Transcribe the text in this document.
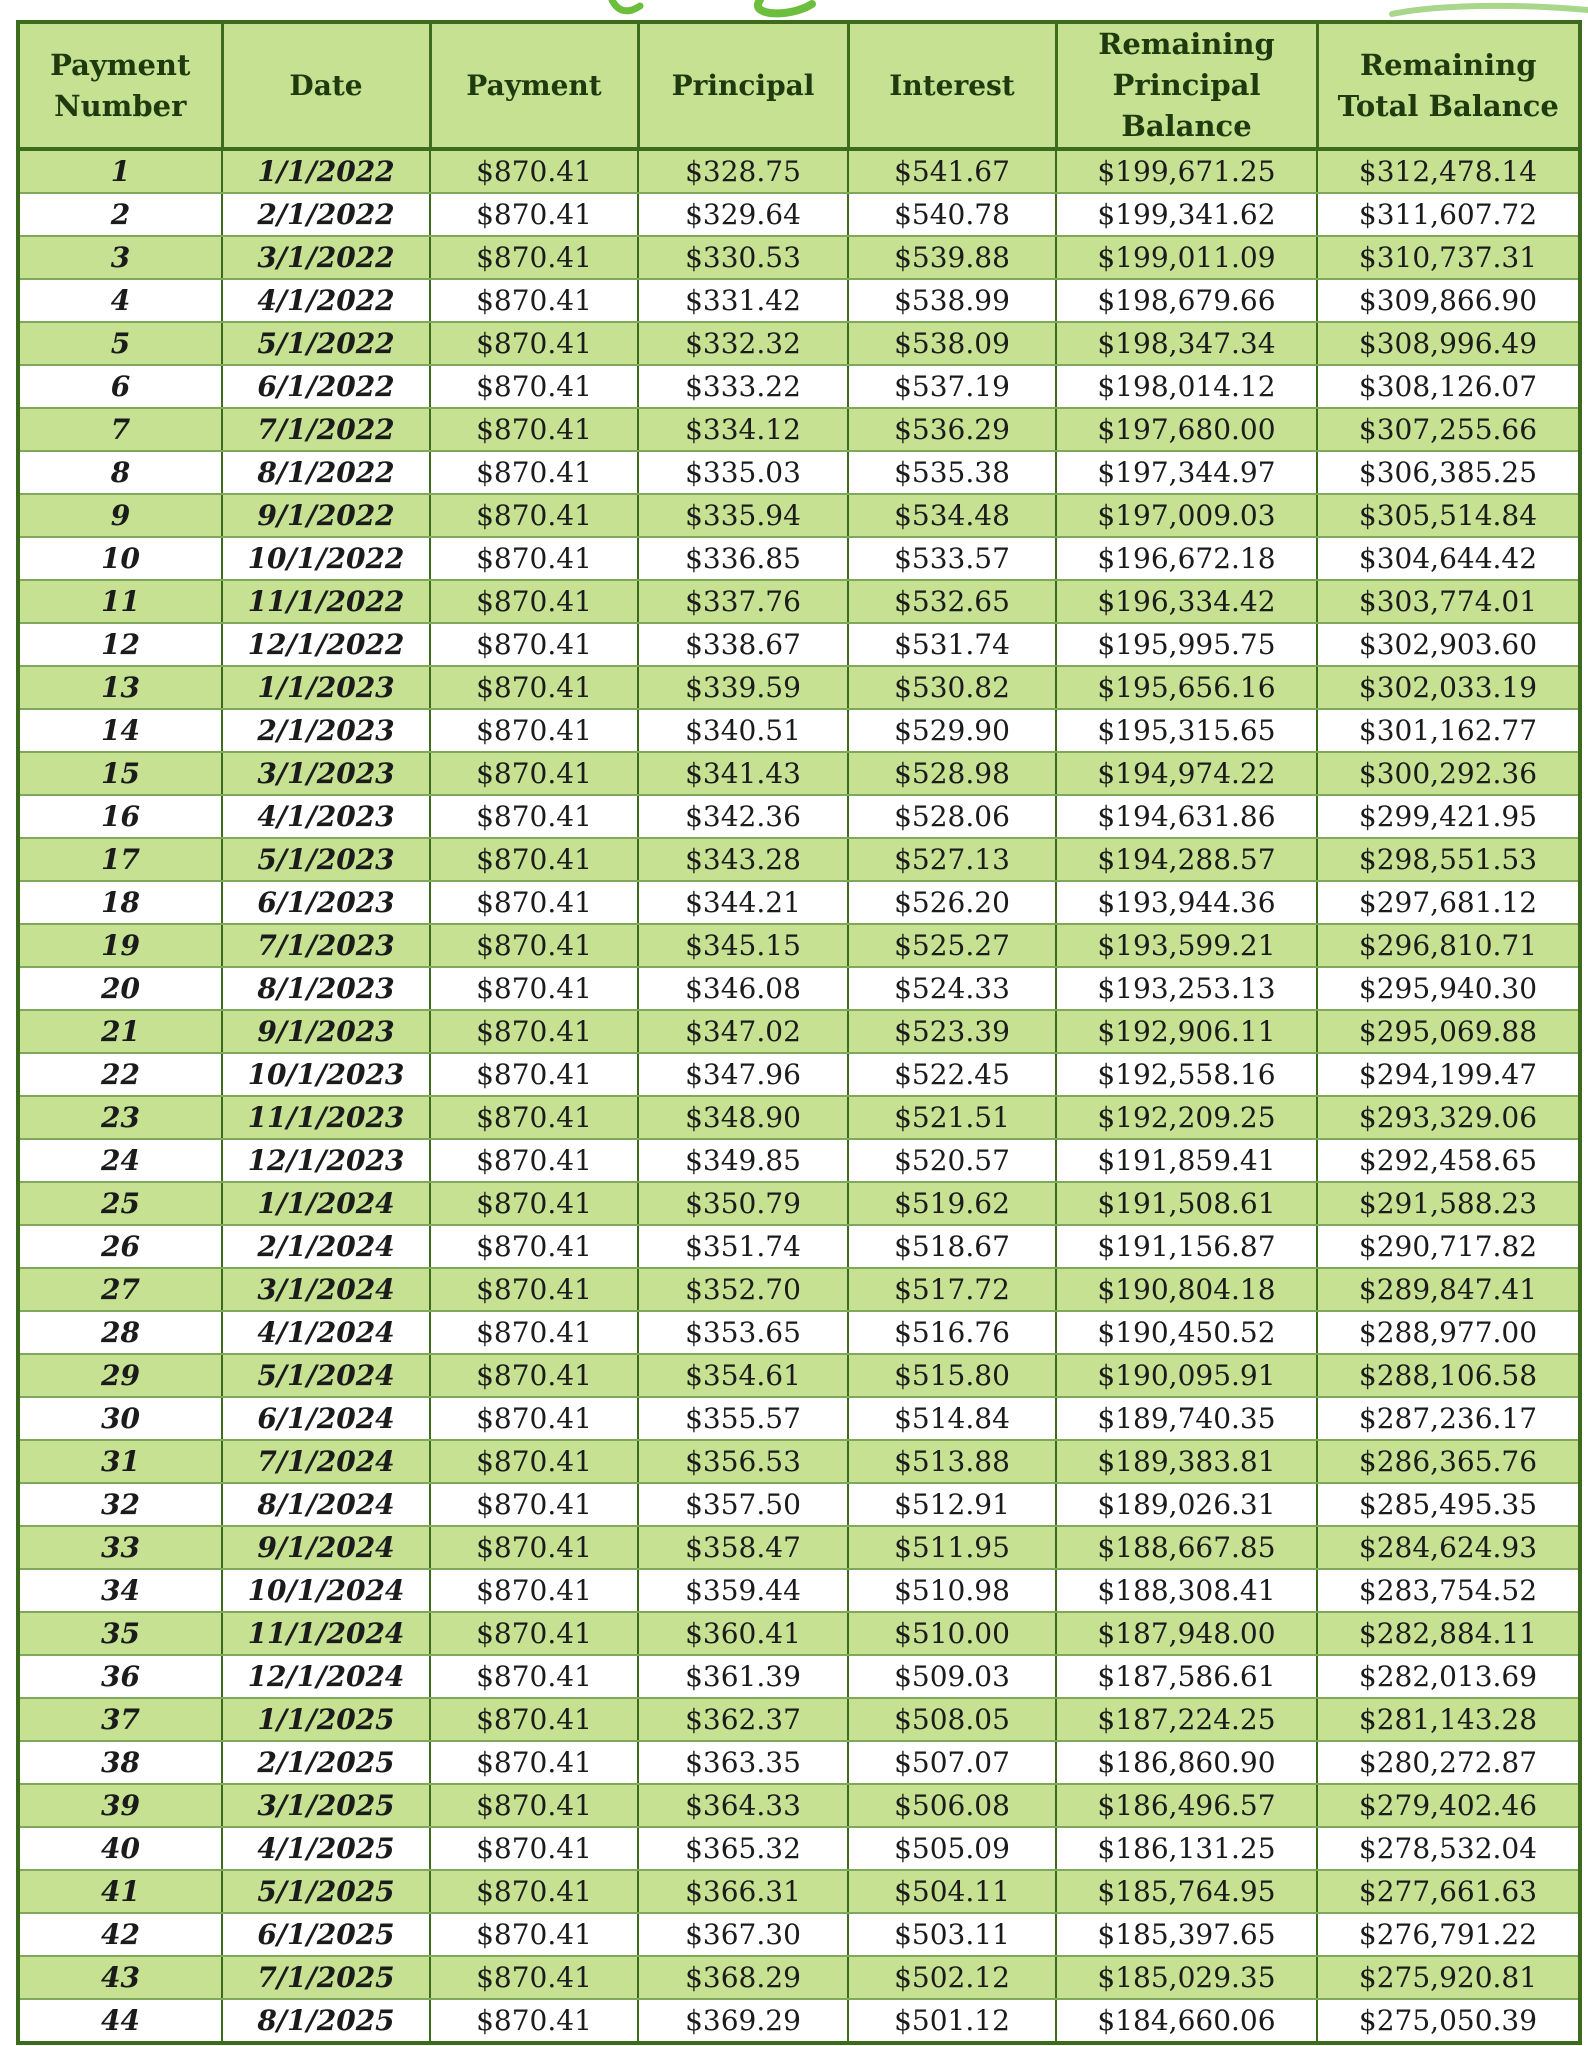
Payment Number	Date	Payment	Principal	Interest	Remaining Principal Balance	Remaining Total Balance
1	1/1/2022	$870.41	$328.75	$541.67	$199,671.25	$312,478.14
2	2/1/2022	$870.41	$329.64	$540.78	$199,341.62	$311,607.72
3	3/1/2022	$870.41	$330.53	$539.88	$199,011.09	$310,737.31
4	4/1/2022	$870.41	$331.42	$538.99	$198,679.66	$309,866.90
5	5/1/2022	$870.41	$332.32	$538.09	$198,347.34	$308,996.49
6	6/1/2022	$870.41	$333.22	$537.19	$198,014.12	$308,126.07
7	7/1/2022	$870.41	$334.12	$536.29	$197,680.00	$307,255.66
8	8/1/2022	$870.41	$335.03	$535.38	$197,344.97	$306,385.25
9	9/1/2022	$870.41	$335.94	$534.48	$197,009.03	$305,514.84
10	10/1/2022	$870.41	$336.85	$533.57	$196,672.18	$304,644.42
11	11/1/2022	$870.41	$337.76	$532.65	$196,334.42	$303,774.01
12	12/1/2022	$870.41	$338.67	$531.74	$195,995.75	$302,903.60
13	1/1/2023	$870.41	$339.59	$530.82	$195,656.16	$302,033.19
14	2/1/2023	$870.41	$340.51	$529.90	$195,315.65	$301,162.77
15	3/1/2023	$870.41	$341.43	$528.98	$194,974.22	$300,292.36
16	4/1/2023	$870.41	$342.36	$528.06	$194,631.86	$299,421.95
17	5/1/2023	$870.41	$343.28	$527.13	$194,288.57	$298,551.53
18	6/1/2023	$870.41	$344.21	$526.20	$193,944.36	$297,681.12
19	7/1/2023	$870.41	$345.15	$525.27	$193,599.21	$296,810.71
20	8/1/2023	$870.41	$346.08	$524.33	$193,253.13	$295,940.30
21	9/1/2023	$870.41	$347.02	$523.39	$192,906.11	$295,069.88
22	10/1/2023	$870.41	$347.96	$522.45	$192,558.16	$294,199.47
23	11/1/2023	$870.41	$348.90	$521.51	$192,209.25	$293,329.06
24	12/1/2023	$870.41	$349.85	$520.57	$191,859.41	$292,458.65
25	1/1/2024	$870.41	$350.79	$519.62	$191,508.61	$291,588.23
26	2/1/2024	$870.41	$351.74	$518.67	$191,156.87	$290,717.82
27	3/1/2024	$870.41	$352.70	$517.72	$190,804.18	$289,847.41
28	4/1/2024	$870.41	$353.65	$516.76	$190,450.52	$288,977.00
29	5/1/2024	$870.41	$354.61	$515.80	$190,095.91	$288,106.58
30	6/1/2024	$870.41	$355.57	$514.84	$189,740.35	$287,236.17
31	7/1/2024	$870.41	$356.53	$513.88	$189,383.81	$286,365.76
32	8/1/2024	$870.41	$357.50	$512.91	$189,026.31	$285,495.35
33	9/1/2024	$870.41	$358.47	$511.95	$188,667.85	$284,624.93
34	10/1/2024	$870.41	$359.44	$510.98	$188,308.41	$283,754.52
35	11/1/2024	$870.41	$360.41	$510.00	$187,948.00	$282,884.11
36	12/1/2024	$870.41	$361.39	$509.03	$187,586.61	$282,013.69
37	1/1/2025	$870.41	$362.37	$508.05	$187,224.25	$281,143.28
38	2/1/2025	$870.41	$363.35	$507.07	$186,860.90	$280,272.87
39	3/1/2025	$870.41	$364.33	$506.08	$186,496.57	$279,402.46
40	4/1/2025	$870.41	$365.32	$505.09	$186,131.25	$278,532.04
41	5/1/2025	$870.41	$366.31	$504.11	$185,764.95	$277,661.63
42	6/1/2025	$870.41	$367.30	$503.11	$185,397.65	$276,791.22
43	7/1/2025	$870.41	$368.29	$502.12	$185,029.35	$275,920.81
44	8/1/2025	$870.41	$369.29	$501.12	$184,660.06	$275,050.39
